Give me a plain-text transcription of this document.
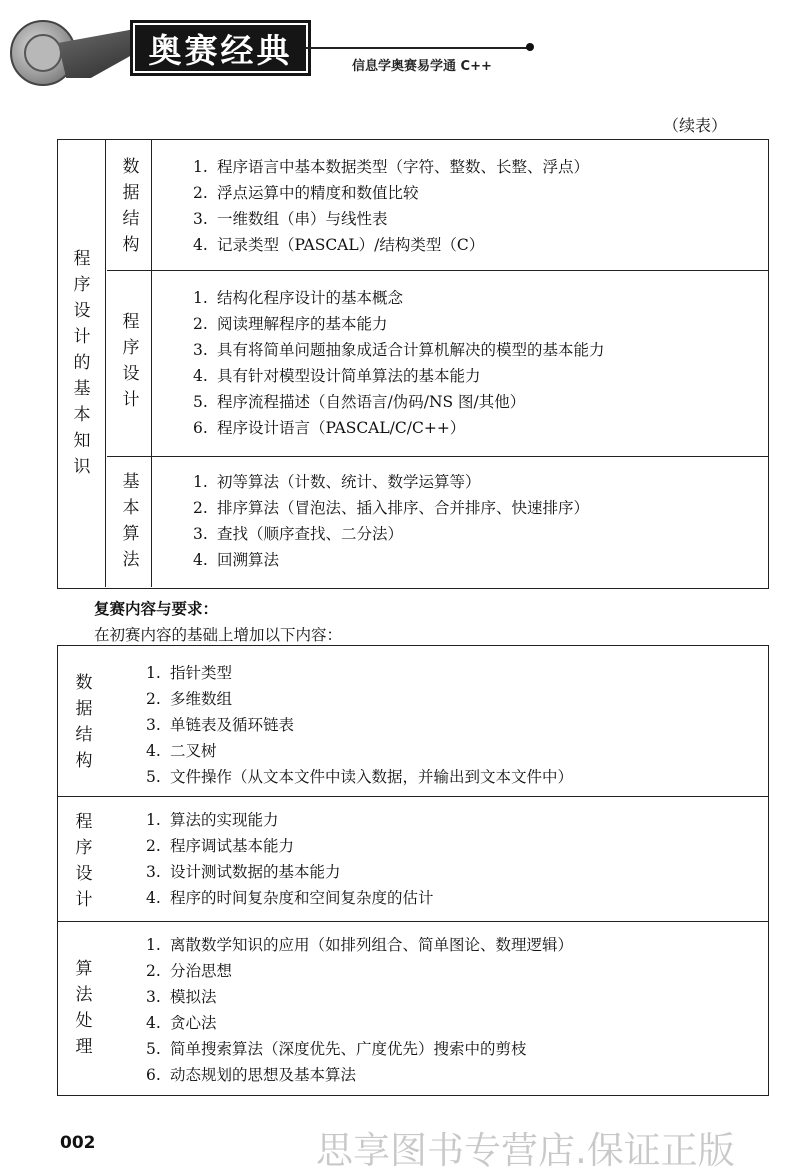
奥赛经典	信息学奥赛易学通 C++
（续表）
程
序
设
计
的
基
本
知
识
数
据
结
构
1. 程序语言中基本数据类型（字符、整数、长整、浮点）
2. 浮点运算中的精度和数值比较
3. 一维数组（串）与线性表
4. 记录类型（PASCAL）/结构类型（C）
程
序
设
计
1. 结构化程序设计的基本概念
2. 阅读理解程序的基本能力
3. 具有将简单问题抽象成适合计算机解决的模型的基本能力
4. 具有针对模型设计简单算法的基本能力
5. 程序流程描述（自然语言/伪码/NS 图/其他）
6. 程序设计语言（PASCAL/C/C++）
基
本
算
法
1. 初等算法（计数、统计、数学运算等）
2. 排序算法（冒泡法、插入排序、合并排序、快速排序）
3. 查找（顺序查找、二分法）
4. 回溯算法
复赛内容与要求：
在初赛内容的基础上增加以下内容：
数
据
结
构
1. 指针类型
2. 多维数组
3. 单链表及循环链表
4. 二叉树
5. 文件操作（从文本文件中读入数据，并输出到文本文件中）
程
序
设
计
1. 算法的实现能力
2. 程序调试基本能力
3. 设计测试数据的基本能力
4. 程序的时间复杂度和空间复杂度的估计
算
法
处
理
1. 离散数学知识的应用（如排列组合、简单图论、数理逻辑）
2. 分治思想
3. 模拟法
4. 贪心法
5. 简单搜索算法（深度优先、广度优先）搜索中的剪枝
6. 动态规划的思想及基本算法
002	思享图书专营店.保证正版
